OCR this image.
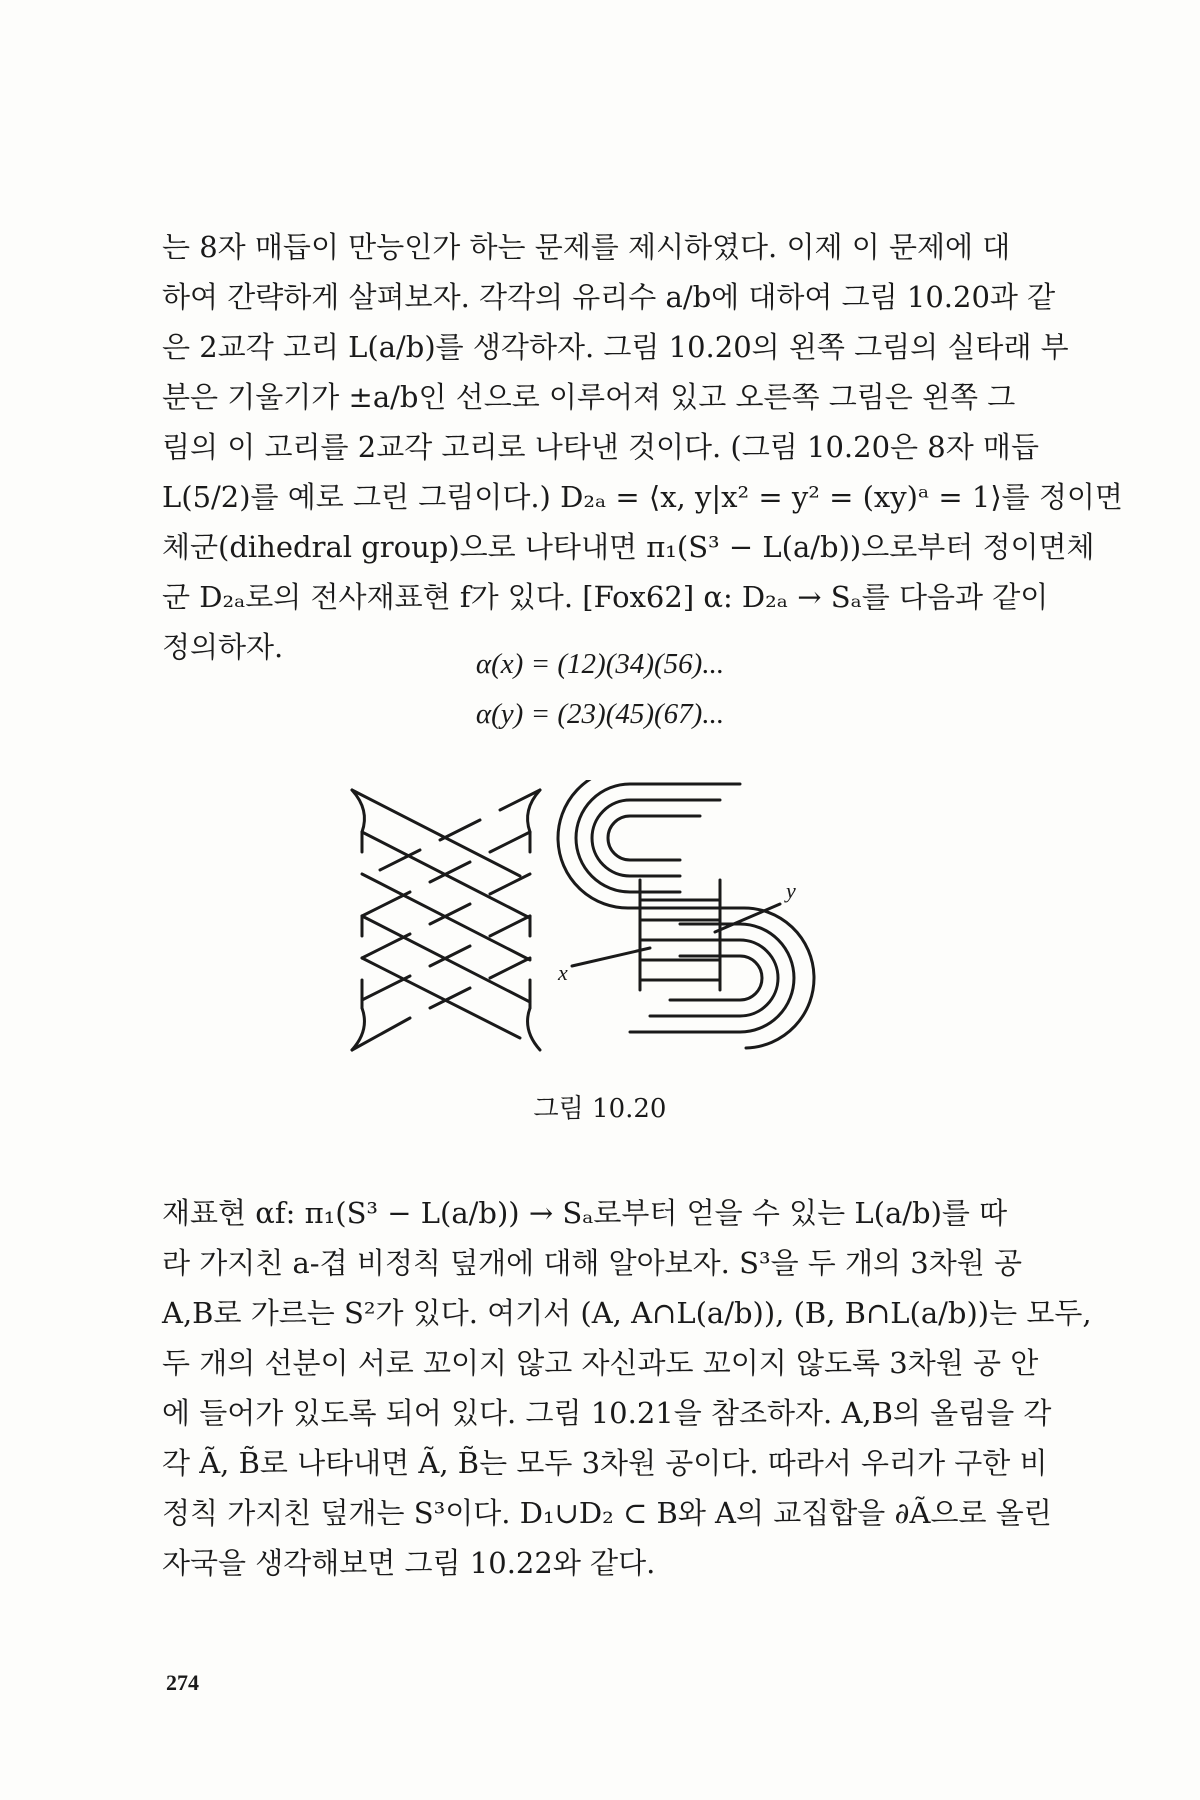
는 8자 매듭이 만능인가 하는 문제를 제시하였다. 이제 이 문제에 대
하여 간략하게 살펴보자. 각각의 유리수 a/b에 대하여 그림 10.20과 같
은 2교각 고리 L(a/b)를 생각하자. 그림 10.20의 왼쪽 그림의 실타래 부
분은 기울기가 ±a/b인 선으로 이루어져 있고 오른쪽 그림은 왼쪽 그
림의 이 고리를 2교각 고리로 나타낸 것이다. (그림 10.20은 8자 매듭
L(5/2)를 예로 그린 그림이다.) D₂ₐ = ⟨x, y|x² = y² = (xy)ᵃ = 1⟩를 정이면
체군(dihedral group)으로 나타내면 π₁(S³ − L(a/b))으로부터 정이면체
군 D₂ₐ로의 전사재표현 f가 있다. [Fox62] α: D₂ₐ → Sₐ를 다음과 같이
정의하자.	α(x) = (12)(34)(56)...
α(y) = (23)(45)(67)...
x
y
그림 10.20
재표현 αf: π₁(S³ − L(a/b)) → Sₐ로부터 얻을 수 있는 L(a/b)를 따
라 가지친 a-겹 비정칙 덮개에 대해 알아보자. S³을 두 개의 3차원 공
A,B로 가르는 S²가 있다. 여기서 (A, A∩L(a/b)), (B, B∩L(a/b))는 모두,
두 개의 선분이 서로 꼬이지 않고 자신과도 꼬이지 않도록 3차원 공 안
에 들어가 있도록 되어 있다. 그림 10.21을 참조하자. A,B의 올림을 각
각 Ã, B̃로 나타내면 Ã, B̃는 모두 3차원 공이다. 따라서 우리가 구한 비
정칙 가지친 덮개는 S³이다. D₁∪D₂ ⊂ B와 A의 교집합을 ∂Ã으로 올린
자국을 생각해보면 그림 10.22와 같다.
274
